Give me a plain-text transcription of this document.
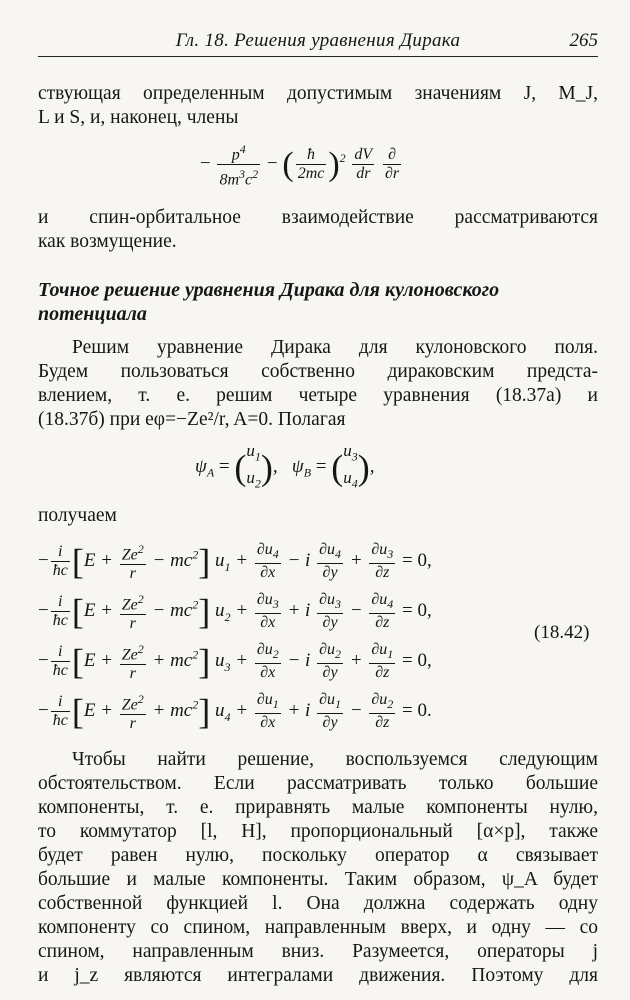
Гл. 18. Решения уравнения Дирака	265
ствующая определенным допустимым значениям J, M_J,
L и S, и, наконец, члены
− $\frac{p^4}{8m^3c^2}$ − ( $\frac{ħ}{2mc} )^2 \frac{dV}{dr}$
$\frac{\partial}{\partial r}$
и спин-орбитальное взаимодействие рассматриваются
как возмущение.
Точное решение уравнения Дирака для кулоновского
потенциала
Решим уравнение Дирака для кулоновского поля.
Будем пользоваться собственно дираковским предста-
влением, т. е. решим четыре уравнения (18.37а) и
(18.37б) при eφ=−Ze²/r, A=0. Полагая
$\psi_A = (u_1$
$u_2$),   $\psi_B = (u_3$
$u_4$),
получаем
− $\frac{i}{ħc} [E + \frac{Ze^2}{r} - mc^2] u_1 + \frac{\partial u_4}{\partial x} - i \frac{\partial u_4}{\partial y} + \frac{\partial u_3}{\partial z} = 0$,
− $\frac{i}{ħc} [E + \frac{Ze^2}{r} - mc^2] u_2 + \frac{\partial u_3}{\partial x} + i \frac{\partial u_3}{\partial y} - \frac{\partial u_4}{\partial z} = 0$,
− $\frac{i}{ħc} [E + \frac{Ze^2}{r} + mc^2] u_3 + \frac{\partial u_2}{\partial x} - i \frac{\partial u_2}{\partial y} + \frac{\partial u_1}{\partial z} = 0$,
− $\frac{i}{ħc} [E + \frac{Ze^2}{r} + mc^2] u_4 + \frac{\partial u_1}{\partial x} + i \frac{\partial u_1}{\partial y} - \frac{\partial u_2}{\partial z} = 0$.
(18.42)
Чтобы найти решение, воспользуемся следующим
обстоятельством. Если рассматривать только большие
компоненты, т. е. приравнять малые компоненты нулю,
то коммутатор [l, H], пропорциональный [α×p], также
будет равен нулю, поскольку оператор α связывает
большие и малые компоненты. Таким образом, ψ_A будет
собственной функцией l. Она должна содержать одну
компоненту со спином, направленным вверх, и одну — со
спином, направленным вниз. Разумеется, операторы j
и j_z являются интегралами движения. Поэтому для
